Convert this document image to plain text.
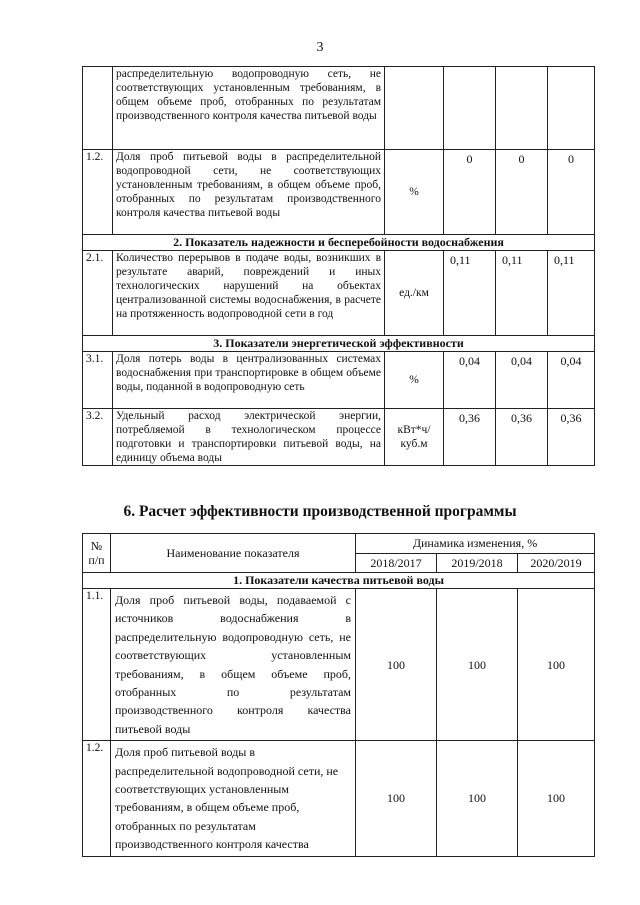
3
	распределительную водопроводную сеть, не соответствующих установленным требованиям, в общем объеме проб, отобранных по результатам производственного контроля качества питьевой воды				
1.2.	Доля проб питьевой воды в распределительной водопроводной сети, не соответствующих установленным требованиям, в общем объеме проб, отобранных по результатам производственного контроля качества питьевой воды	%	0	0	0
2. Показатель надежности и бесперебойности водоснабжения					
2.1.	Количество перерывов в подаче воды, возникших в результате аварий, повреждений и иных технологических нарушений на объектах централизованной системы водоснабжения, в расчете на протяженность водопроводной сети в год	ед./км	0,11	0,11	0,11
3. Показатели энергетической эффективности					
3.1.	Доля потерь воды в централизованных системах водоснабжения при транспортировке в общем объеме воды, поданной в водопроводную сеть	%	0,04	0,04	0,04
3.2.	Удельный расход электрической энергии, потребляемой в технологическом процессе подготовки и транспортировки питьевой воды, на единицу объема воды	кВт*ч/ куб.м	0,36	0,36	0,36
6. Расчет эффективности производственной программы
№ п/п	Наименование показателя	Динамика изменения, %		
		2018/2017	2019/2018	2020/2019
1. Показатели качества питьевой воды				
1.1.	Доля проб питьевой воды, подаваемой с источников водоснабжения в распределительную водопроводную сеть, не соответствующих установленным требованиям, в общем объеме проб, отобранных по результатам производственного контроля качества питьевой воды	100	100	100
1.2.	Доля проб питьевой воды в распределительной водопроводной сети, не соответствующих установленным требованиям, в общем объеме проб, отобранных по результатам производственного контроля качества	100	100	100
